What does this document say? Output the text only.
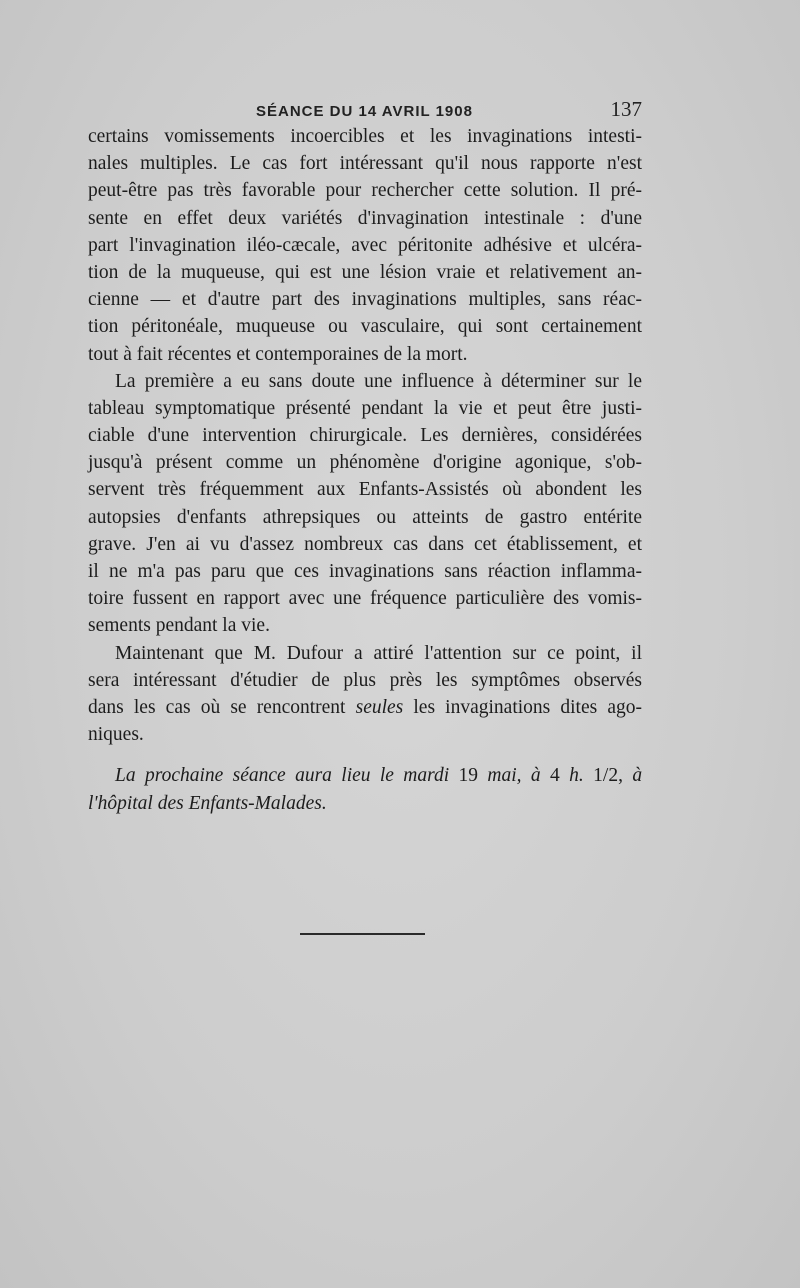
SÉANCE DU 14 AVRIL 1908	137
certains vomissements incoercibles et les invaginations intesti-
nales multiples. Le cas fort intéressant qu'il nous rapporte n'est
peut-être pas très favorable pour rechercher cette solution. Il pré-
sente en effet deux variétés d'invagination intestinale : d'une
part l'invagination iléo-cæcale, avec péritonite adhésive et ulcéra-
tion de la muqueuse, qui est une lésion vraie et relativement an-
cienne — et d'autre part des invaginations multiples, sans réac-
tion péritonéale, muqueuse ou vasculaire, qui sont certainement
tout à fait récentes et contemporaines de la mort.
La première a eu sans doute une influence à déterminer sur le
tableau symptomatique présenté pendant la vie et peut être justi-
ciable d'une intervention chirurgicale. Les dernières, considérées
jusqu'à présent comme un phénomène d'origine agonique, s'ob-
servent très fréquemment aux Enfants-Assistés où abondent les
autopsies d'enfants athrepsiques ou atteints de gastro entérite
grave. J'en ai vu d'assez nombreux cas dans cet établissement, et
il ne m'a pas paru que ces invaginations sans réaction inflamma-
toire fussent en rapport avec une fréquence particulière des vomis-
sements pendant la vie.
Maintenant que M. Dufour a attiré l'attention sur ce point, il
sera intéressant d'étudier de plus près les symptômes observés
dans les cas où se rencontrent seules les invaginations dites ago-
niques.
La prochaine séance aura lieu le mardi 19 mai, à 4 h. 1/2, à
l'hôpital des Enfants-Malades.
